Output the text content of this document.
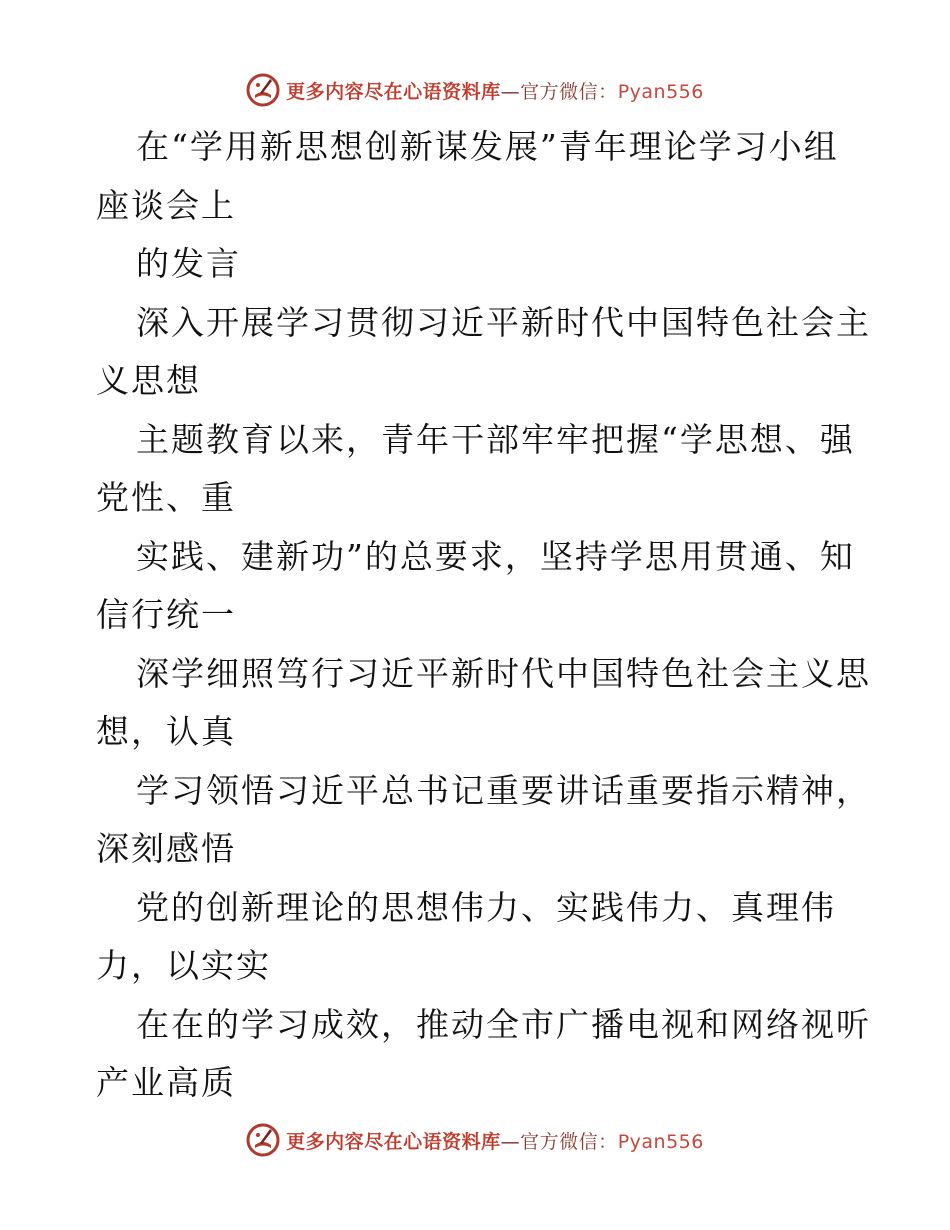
更多内容尽在心语资料库—官方微信：Pyan556
在“学用新思想创新谋发展”青年理论学习小组
座谈会上
的发言
深入开展学习贯彻习近平新时代中国特色社会主
义思想
主题教育以来，青年干部牢牢把握“学思想、强
党性、重
实践、建新功”的总要求，坚持学思用贯通、知
信行统一
深学细照笃行习近平新时代中国特色社会主义思
想，认真
学习领悟习近平总书记重要讲话重要指示精神，
深刻感悟
党的创新理论的思想伟力、实践伟力、真理伟
力，以实实
在在的学习成效，推动全市广播电视和网络视听
产业高质
更多内容尽在心语资料库—官方微信：Pyan556
